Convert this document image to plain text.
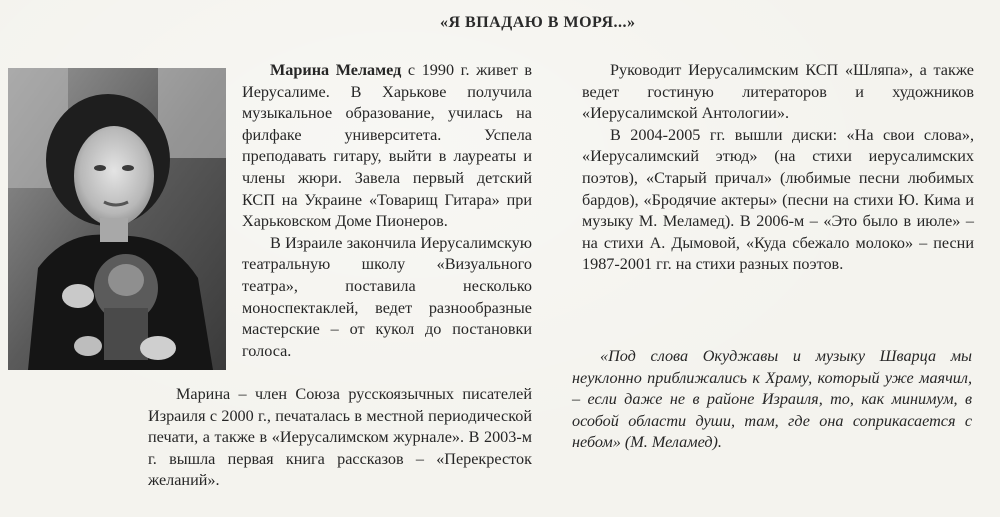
«Я ВПАДАЮ В МОРЯ...»

Марина Меламед с 1990 г. живет в Иерусалиме. В Харькове получила музыкальное образование, училась на филфаке университета. Успела преподавать гитару, выйти в лауреаты и члены жюри. Завела первый детский КСП на Украине «Товарищ Гитара» при Харьковском Доме Пионеров.

В Израиле закончила Иерусалимскую театральную школу «Визуального театра», поставила несколько моноспектаклей, ведет разнообразные мастерские – от кукол до постановки голоса.

Марина – член Союза русскоязычных писателей Израиля с 2000 г., печаталась в местной периодической печати, а также в «Иерусалимском журнале». В 2003-м г. вышла первая книга рассказов – «Перекресток желаний».

Руководит Иерусалимским КСП «Шляпа», а также ведет гостиную литераторов и художников «Иерусалимской Антологии».

В 2004-2005 гг. вышли диски: «На свои слова», «Иерусалимский этюд» (на стихи иерусалимских поэтов), «Старый причал» (любимые песни любимых бардов), «Бродячие актеры» (песни на стихи Ю. Кима и музыку М. Меламед). В 2006-м – «Это было в июле» – на стихи А. Дымовой, «Куда сбежало молоко» – песни 1987-2001 гг. на стихи разных поэтов.

«Под слова Окуджавы и музыку Шварца мы неуклонно приближались к Храму, который уже маячил, – если даже не в районе Израиля, то, как минимум, в особой области души, там, где она соприкасается с небом» (М. Меламед).
